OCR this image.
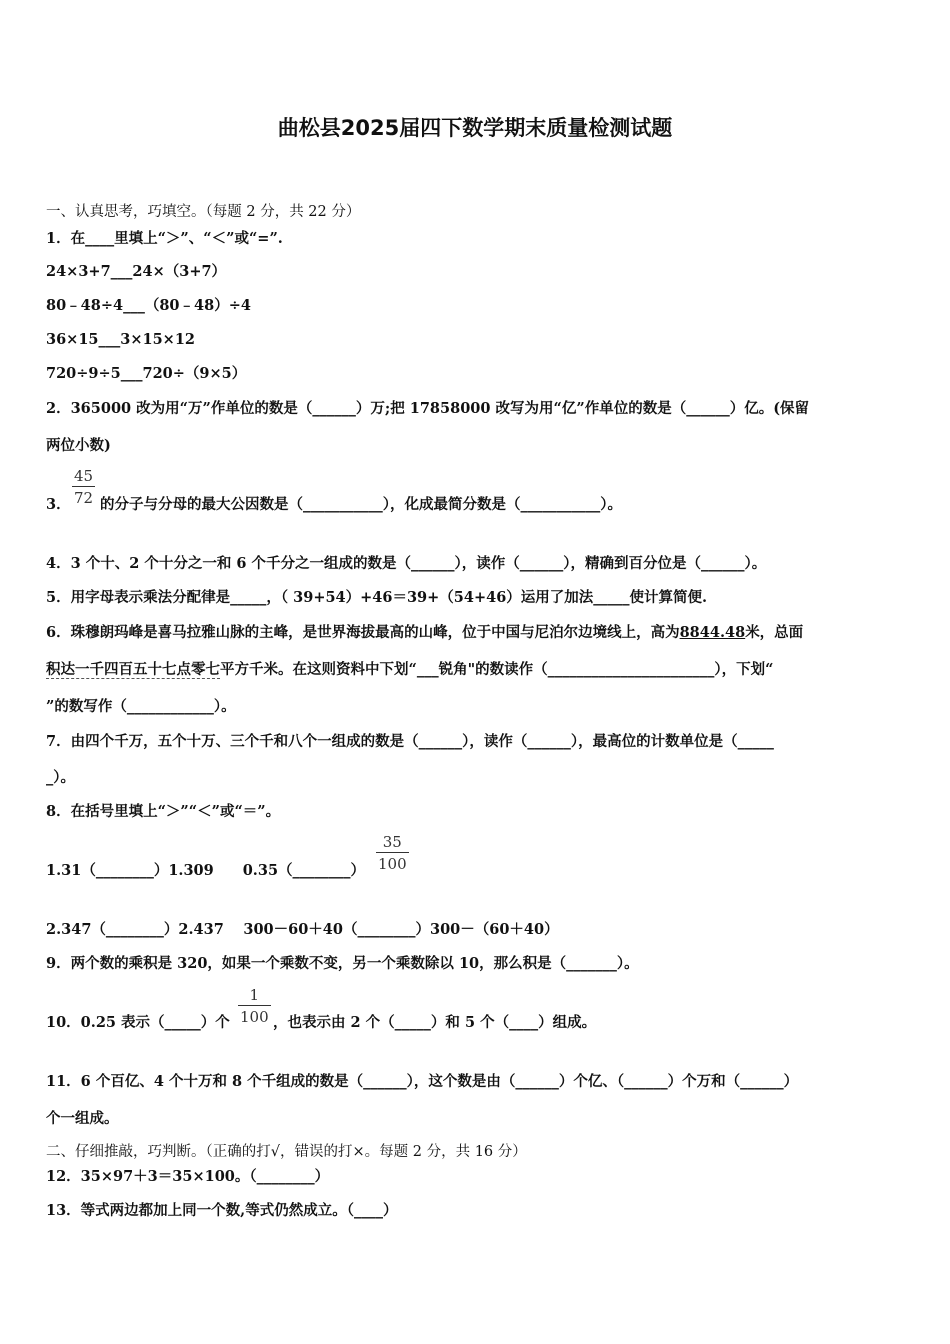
曲松县2025届四下数学期末质量检测试题
一、认真思考，巧填空。（每题 2 分，共 22 分）
1．在____里填上“＞”、“＜”或“=”.
24×3+7___24×（3+7）
80﹣48÷4___（80﹣48）÷4
36×15___3×15×12
720÷9÷5___720÷（9×5）
2．365000 改为用“万”作单位的数是（______）万;把 17858000 改写为用“亿”作单位的数是（______）亿。(保留
两位小数)
45
72
3． 的分子与分母的最大公因数是（___________），化成最简分数是（___________）。
4．3 个十、2 个十分之一和 6 个千分之一组成的数是（______），读作（______），精确到百分位是（______）。
5．用字母表示乘法分配律是_____，（ 39+54）+46＝39+（54+46）运用了加法_____使计算简便.
6．珠穆朗玛峰是喜马拉雅山脉的主峰，是世界海拔最高的山峰，位于中国与尼泊尔边境线上，高为8844.48米，总面
积达一千四百五十七点零七平方千米。在这则资料中下划“___锐角"的数读作（_______________________），下划“
”的数写作（____________）。
7．由四个千万，五个十万、三个千和八个一组成的数是（______），读作（______），最高位的计数单位是（_____
_）。
8．在括号里填上“＞”“＜”或“＝”。
1.31（________）1.309　　0.35（________）
35
100
2.347（________）2.437　 300－60＋40（________）300－（60＋40）
9．两个数的乘积是 320，如果一个乘数不变，另一个乘数除以 10，那么积是（_______）。
10．0.25 表示（_____）个
1
100 ，也表示由 2 个（_____）和 5 个（____）组成。
11．6 个百亿、4 个十万和 8 个千组成的数是（______），这个数是由（______）个亿、（______）个万和（______）
个一组成。
二、仔细推敲，巧判断。（正确的打√，错误的打×。每题 2 分，共 16 分）
12．35×97＋3＝35×100。（________）
13．等式两边都加上同一个数,等式仍然成立。（____）
